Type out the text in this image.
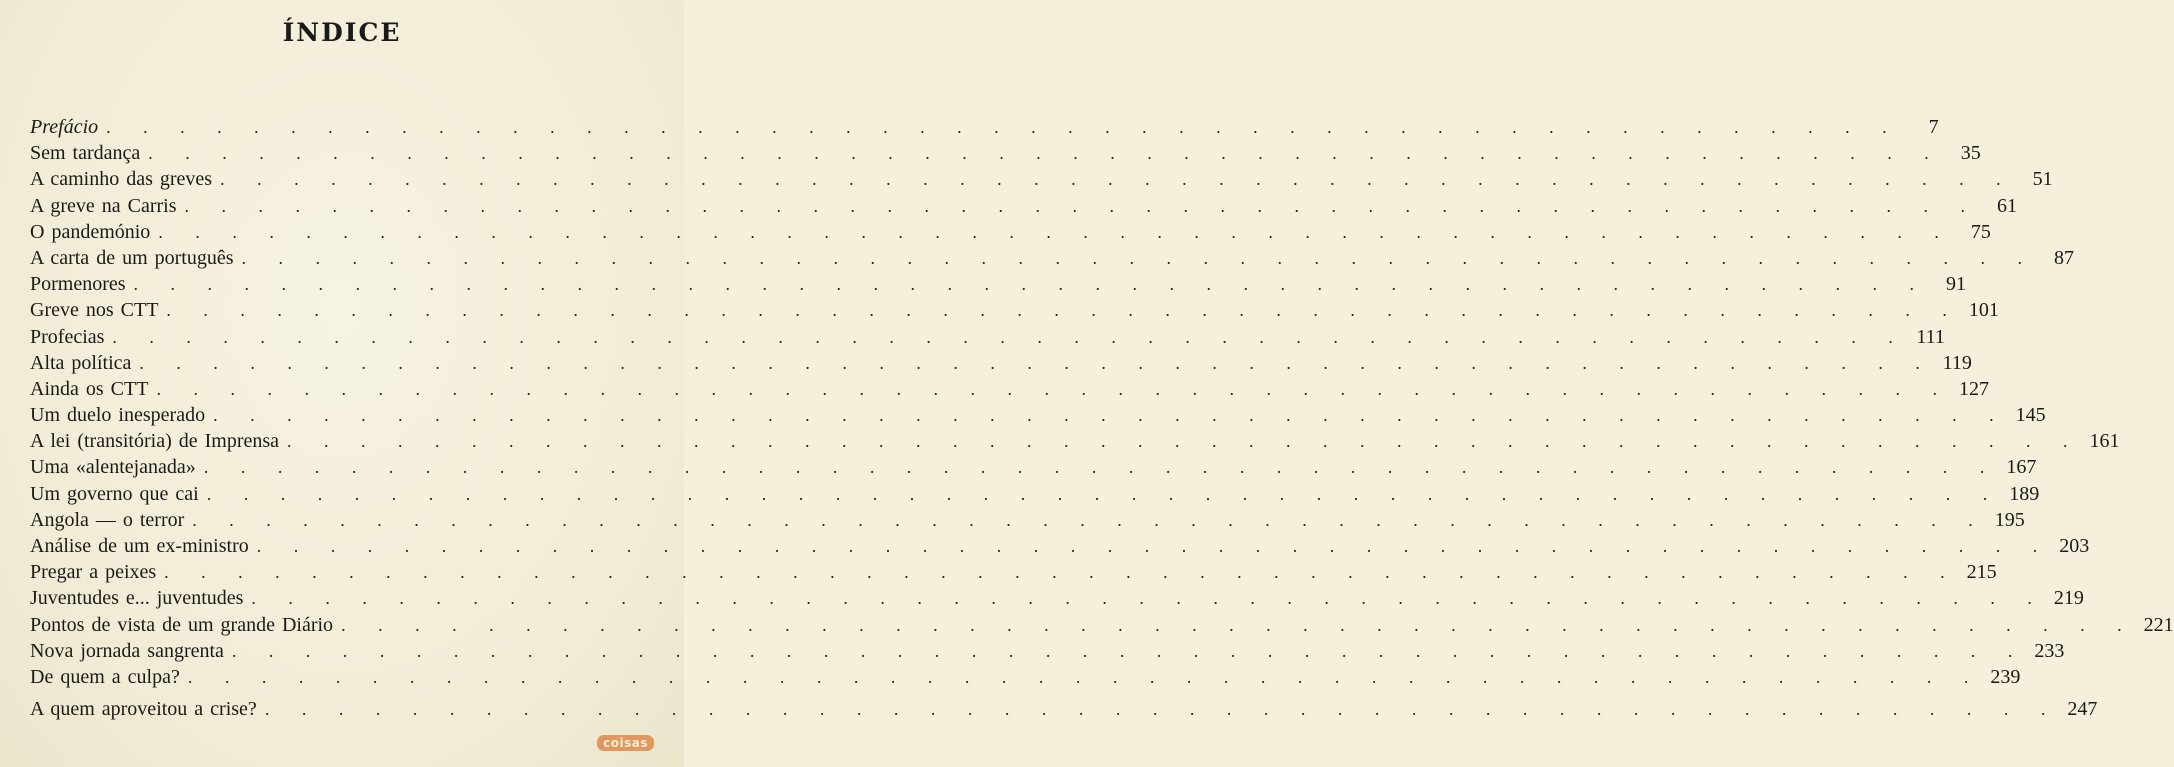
ÍNDICE
Prefácio . . . . . . . . . . . . . . . . . . . . . . . . . . . . . . . . . . . . . . . . . . . . . . . . .	7
Sem tardança . . . . . . . . . . . . . . . . . . . . . . . . . . . . . . . . . . . . . . . . . . . . . . . . . 35
A caminho das greves . . . . . . . . . . . . . . . . . . . . . . . . . . . . . . . . . . . . . . . . . . . . . . . . . 51
A greve na Carris . . . . . . . . . . . . . . . . . . . . . . . . . . . . . . . . . . . . . . . . . . . . . . . . . 61
O pandemónio . . . . . . . . . . . . . . . . . . . . . . . . . . . . . . . . . . . . . . . . . . . . . . . . . 75
A carta de um português . . . . . . . . . . . . . . . . . . . . . . . . . . . . . . . . . . . . . . . . . . . . . . . . . 87
Pormenores . . . . . . . . . . . . . . . . . . . . . . . . . . . . . . . . . . . . . . . . . . . . . . . . . 91
Greve nos CTT . . . . . . . . . . . . . . . . . . . . . . . . . . . . . . . . . . . . . . . . . . . . . . . . . 101
Profecias . . . . . . . . . . . . . . . . . . . . . . . . . . . . . . . . . . . . . . . . . . . . . . . . . 111
Alta política . . . . . . . . . . . . . . . . . . . . . . . . . . . . . . . . . . . . . . . . . . . . . . . . . 119
Ainda os CTT . . . . . . . . . . . . . . . . . . . . . . . . . . . . . . . . . . . . . . . . . . . . . . . . . 127
Um duelo inesperado . . . . . . . . . . . . . . . . . . . . . . . . . . . . . . . . . . . . . . . . . . . . . . . . . 145
A lei (transitória) de Imprensa . . . . . . . . . . . . . . . . . . . . . . . . . . . . . . . . . . . . . . . . . . . . . . . . . 161
Uma «alentejanada» . . . . . . . . . . . . . . . . . . . . . . . . . . . . . . . . . . . . . . . . . . . . . . . . . 167
Um governo que cai . . . . . . . . . . . . . . . . . . . . . . . . . . . . . . . . . . . . . . . . . . . . . . . . . 189
Angola — o terror . . . . . . . . . . . . . . . . . . . . . . . . . . . . . . . . . . . . . . . . . . . . . . . . . 195
Análise de um ex-ministro . . . . . . . . . . . . . . . . . . . . . . . . . . . . . . . . . . . . . . . . . . . . . . . . . 203
Pregar a peixes . . . . . . . . . . . . . . . . . . . . . . . . . . . . . . . . . . . . . . . . . . . . . . . . . 215
Juventudes e... juventudes . . . . . . . . . . . . . . . . . . . . . . . . . . . . . . . . . . . . . . . . . . . . . . . . . 219
Pontos de vista de um grande Diário . . . . . . . . . . . . . . . . . . . . . . . . . . . . . . . . . . . . . . . . . . . . . . . . . 221
Nova jornada sangrenta . . . . . . . . . . . . . . . . . . . . . . . . . . . . . . . . . . . . . . . . . . . . . . . . . 233
De quem a culpa? . . . . . . . . . . . . . . . . . . . . . . . . . . . . . . . . . . . . . . . . . . . . . . . . . 239
A quem aproveitou a crise? . . . . . . . . . . . . . . . . . . . . . . . . . . . . . . . . . . . . . . . . . . . . . . . . . 247
coisas
